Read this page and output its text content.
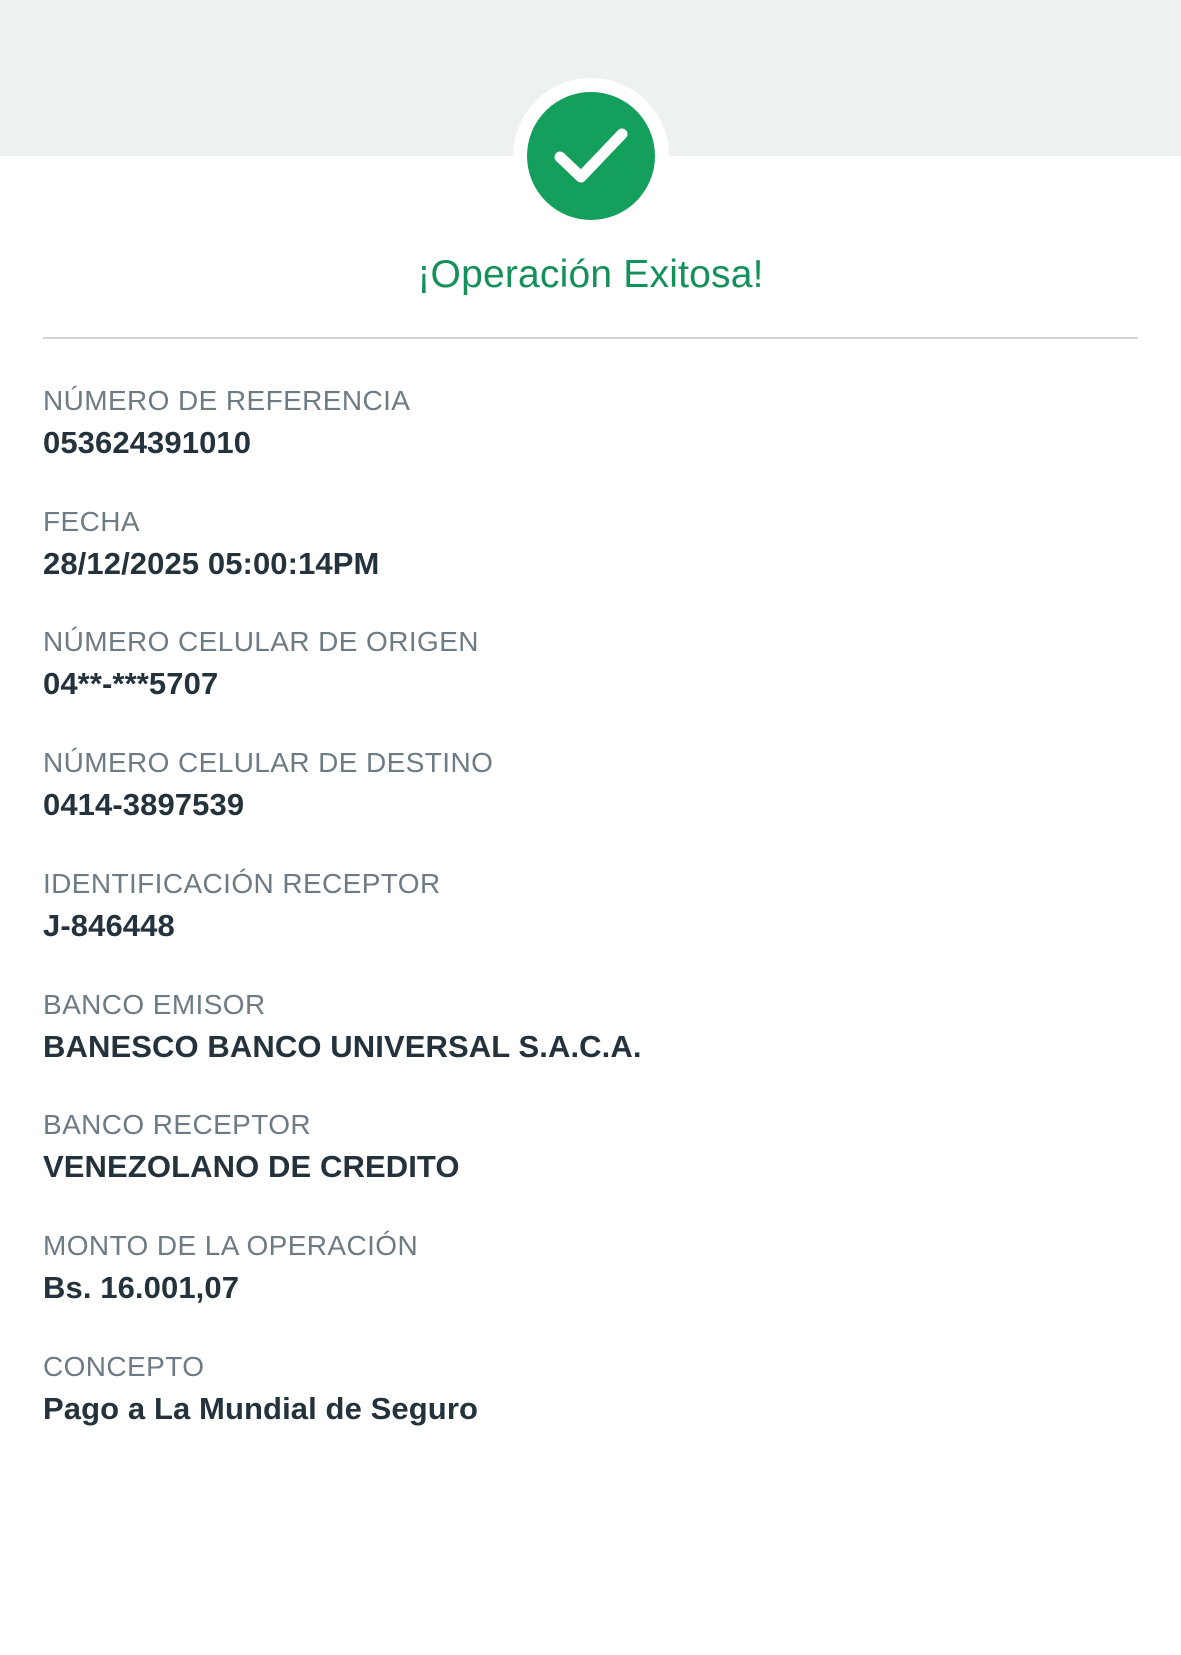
¡Operación Exitosa!
NÚMERO DE REFERENCIA
053624391010
FECHA
28/12/2025 05:00:14PM
NÚMERO CELULAR DE ORIGEN
04**-***5707
NÚMERO CELULAR DE DESTINO
0414-3897539
IDENTIFICACIÓN RECEPTOR
J-846448
BANCO EMISOR
BANESCO BANCO UNIVERSAL S.A.C.A.
BANCO RECEPTOR
VENEZOLANO DE CREDITO
MONTO DE LA OPERACIÓN
Bs. 16.001,07
CONCEPTO
Pago a La Mundial de Seguro
